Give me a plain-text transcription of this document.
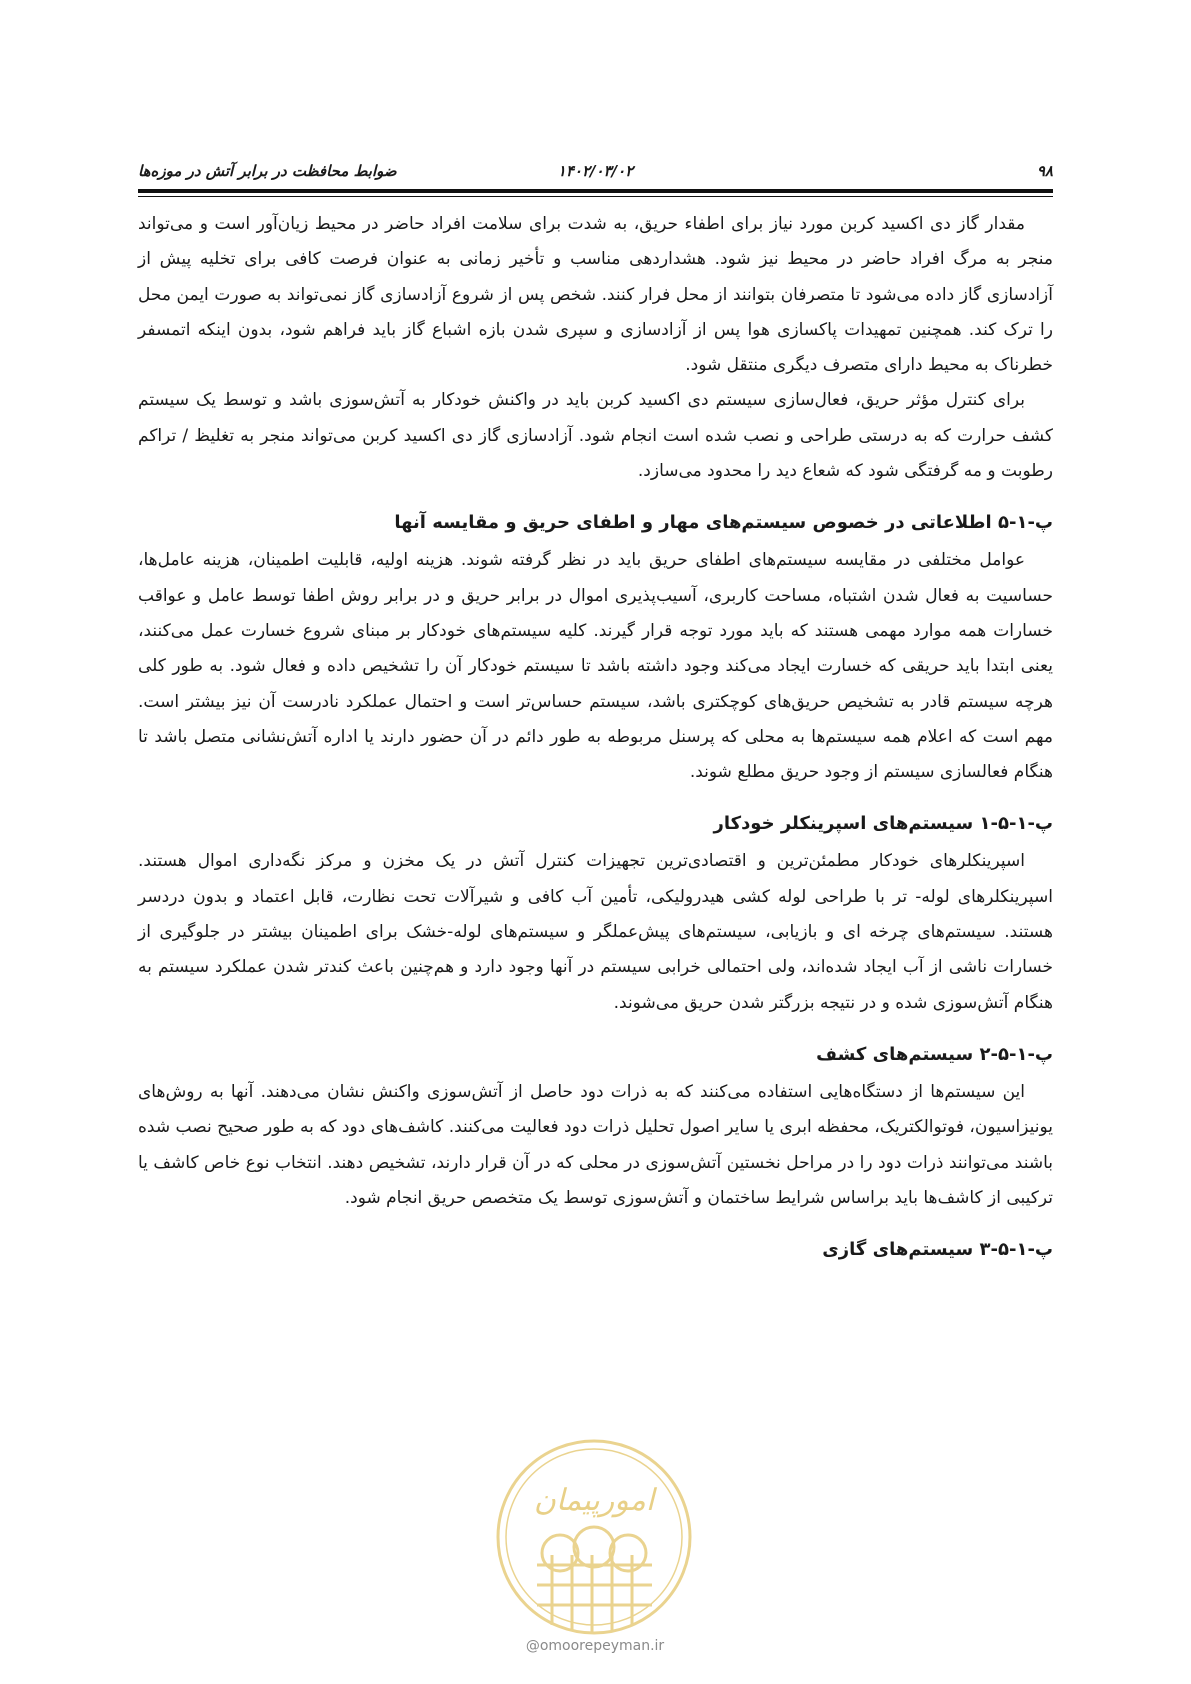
۹۸
۱۴۰۲/۰۳/۰۲
ضوابط محافظت در برابر آتش در موزه‌ها

مقدار گاز دی اکسید کربن مورد نیاز برای اطفاء حریق، به شدت برای سلامت افراد حاضر در محیط زیان‌آور است و می‌تواند منجر به مرگ افراد حاضر در محیط نیز شود. هشداردهی مناسب و تأخیر زمانی به عنوان فرصت کافی برای تخلیه پیش از آزادسازی گاز داده می‌شود تا متصرفان بتوانند از محل فرار کنند. شخص پس از شروع آزادسازی گاز نمی‌تواند به صورت ایمن محل را ترک کند. همچنین تمهیدات پاکسازی هوا پس از آزادسازی و سپری شدن بازه اشباع گاز باید فراهم شود، بدون اینکه اتمسفر خطرناک به محیط دارای متصرف دیگری منتقل شود.

برای کنترل مؤثر حریق، فعال‌سازی سیستم دی اکسید کربن باید در واکنش خودکار به آتش‌سوزی باشد و توسط یک سیستم کشف حرارت که به درستی طراحی و نصب شده است انجام شود. آزادسازی گاز دی اکسید کربن می‌تواند منجر به تغلیظ / تراکم رطوبت و مه گرفتگی شود که شعاع دید را محدود می‌سازد.

پ-۱-۵ اطلاعاتی در خصوص سیستم‌های مهار و اطفای حریق و مقایسه آنها

عوامل مختلفی در مقایسه سیستم‌های اطفای حریق باید در نظر گرفته شوند. هزینه اولیه، قابلیت اطمینان، هزینه عامل‌ها، حساسیت به فعال شدن اشتباه، مساحت کاربری، آسیب‌پذیری اموال در برابر حریق و در برابر روش اطفا توسط عامل و عواقب خسارات همه موارد مهمی هستند که باید مورد توجه قرار گیرند. کلیه سیستم‌های خودکار بر مبنای شروع خسارت عمل می‌کنند، یعنی ابتدا باید حریقی که خسارت ایجاد می‌کند وجود داشته باشد تا سیستم خودکار آن را تشخیص داده و فعال شود. به طور کلی هرچه سیستم قادر به تشخیص حریق‌های کوچکتری باشد، سیستم حساس‌تر است و احتمال عملکرد نادرست آن نیز بیشتر است. مهم است که اعلام همه سیستم‌ها به محلی که پرسنل مربوطه به طور دائم در آن حضور دارند یا اداره آتش‌نشانی متصل باشد تا هنگام فعالسازی سیستم از وجود حریق مطلع شوند.

پ-۱-۵-۱ سیستم‌های اسپرینکلر خودکار

اسپرینکلرهای خودکار مطمئن‌ترین و اقتصادی‌ترین تجهیزات کنترل آتش در یک مخزن و مرکز نگه‌داری اموال هستند. اسپرینکلرهای لوله- تر با طراحی لوله کشی هیدرولیکی، تأمین آب کافی و شیرآلات تحت نظارت، قابل اعتماد و بدون دردسر هستند. سیستم‌های چرخه ای و بازیابی، سیستم‌های پیش‌عملگر و سیستم‌های لوله-خشک برای اطمینان بیشتر در جلوگیری از خسارات ناشی از آب ایجاد شده‌اند، ولی احتمالی خرابی سیستم در آنها وجود دارد و هم‌چنین باعث کندتر شدن عملکرد سیستم به هنگام آتش‌سوزی شده و در نتیجه بزرگتر شدن حریق می‌شوند.

پ-۱-۵-۲ سیستم‌های کشف

این سیستم‌ها از دستگاه‌هایی استفاده می‌کنند که به ذرات دود حاصل از آتش‌سوزی واکنش نشان می‌دهند. آنها به روش‌های یونیزاسیون، فوتوالکتریک، محفظه ابری یا سایر اصول تحلیل ذرات دود فعالیت می‌کنند. کاشف‌های دود که به طور صحیح نصب شده باشند می‌توانند ذرات دود را در مراحل نخستین آتش‌سوزی در محلی که در آن قرار دارند، تشخیص دهند. انتخاب نوع خاص کاشف یا ترکیبی از کاشف‌ها باید براساس شرایط ساختمان و آتش‌سوزی توسط یک متخصص حریق انجام شود.

پ-۱-۵-۳ سیستم‌های گازی
امورپیمان
@omoorepeyman.ir
